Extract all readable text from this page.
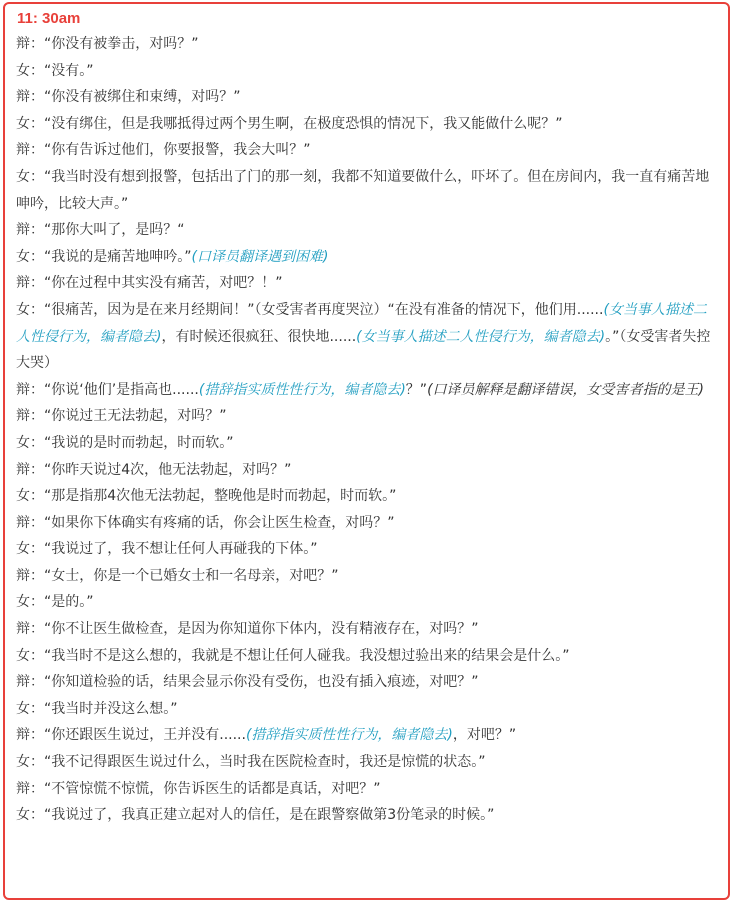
11: 30am
辩：“你没有被拳击，对吗？”
女：“没有。”
辩：“你没有被绑住和束缚，对吗？”
女：“没有绑住，但是我哪抵得过两个男生啊，在极度恐惧的情况下，我又能做什么呢？”
辩：“你有告诉过他们，你要报警，我会大叫？”
女：“我当时没有想到报警，包括出了门的那一刻，我都不知道要做什么，吓坏了。但在房间内，我一直有痛苦地呻吟，比较大声。”
辩：“那你大叫了，是吗？“
女：“我说的是痛苦地呻吟。”(口译员翻译遇到困难)
辩：“你在过程中其实没有痛苦，对吧？！”
女：“很痛苦，因为是在来月经期间！”（女受害者再度哭泣）“在没有准备的情况下，他们用......(女当事人描述二人性侵行为，编者隐去)，有时候还很疯狂、很快地......(女当事人描述二人性侵行为，编者隐去)。”（女受害者失控大哭）
辩：“你说‘他们’是指高也......(措辞指实质性性行为，编者隐去)？”(口译员解释是翻译错误，女受害者指的是王)
辩：“你说过王无法勃起，对吗？”
女：“我说的是时而勃起，时而软。”
辩：“你昨天说过4次，他无法勃起，对吗？”
女：“那是指那4次他无法勃起，整晚他是时而勃起，时而软。”
辩：“如果你下体确实有疼痛的话，你会让医生检查，对吗？”
女：“我说过了，我不想让任何人再碰我的下体。”
辩：“女士，你是一个已婚女士和一名母亲，对吧？”
女：“是的。”
辩：“你不让医生做检查，是因为你知道你下体内，没有精液存在，对吗？”
女：“我当时不是这么想的，我就是不想让任何人碰我。我没想过验出来的结果会是什么。”
辩：“你知道检验的话，结果会显示你没有受伤，也没有插入痕迹，对吧？”
女：“我当时并没这么想。”
辩：“你还跟医生说过，王并没有......(措辞指实质性性行为，编者隐去)，对吧？”
女：“我不记得跟医生说过什么，当时我在医院检查时，我还是惊慌的状态。”
辩：“不管惊慌不惊慌，你告诉医生的话都是真话，对吧？”
女：“我说过了，我真正建立起对人的信任，是在跟警察做第3份笔录的时候。”
